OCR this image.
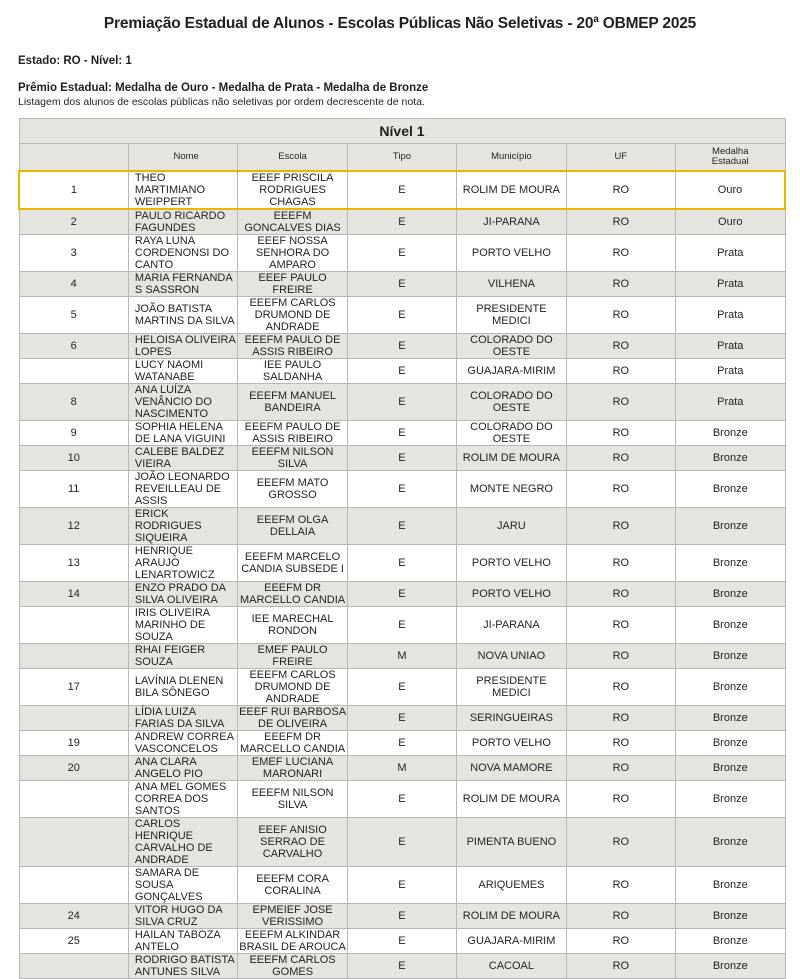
Premiação Estadual de Alunos - Escolas Públicas Não Seletivas - 20$^a$ OBMEP 2025
Estado: RO - Nível: 1
Prêmio Estadual: Medalha de Ouro - Medalha de Prata - Medalha de Bronze
Listagem dos alunos de escolas públicas não seletivas por ordem decrescente de nota.
Nível 1						
	Nome	Escola	Tipo	Município	UF	Medalha
Estadual

1	THEO MARTIMIANO WEIPPERT	EEEF PRISCILA RODRIGUES CHAGAS	E	ROLIM DE MOURA	RO	Ouro
2	PAULO RICARDO FAGUNDES	EEEFM GONCALVES DIAS	E	JI-PARANA	RO	Ouro
3	RAYA LUNA CORDENONSI DO CANTO	EEEF NOSSA SENHORA DO AMPARO	E	PORTO VELHO	RO	Prata
4	MARIA FERNANDA S SASSRON	EEEF PAULO FREIRE	E	VILHENA	RO	Prata
5	JOÃO BATISTA MARTINS DA SILVA	EEEFM CARLOS DRUMOND DE ANDRADE	E	PRESIDENTE MEDICI	RO	Prata
6	HELOISA OLIVEIRA LOPES	EEEFM PAULO DE ASSIS RIBEIRO	E	COLORADO DO OESTE	RO	Prata
	LUCY NAOMI WATANABE	IEE PAULO SALDANHA	E	GUAJARA-MIRIM	RO	Prata
8	ANA LUÍZA VENÂNCIO DO NASCIMENTO	EEEFM MANUEL BANDEIRA	E	COLORADO DO OESTE	RO	Prata
9	SOPHIA HELENA DE LANA VIGUINI	EEEFM PAULO DE ASSIS RIBEIRO	E	COLORADO DO OESTE	RO	Bronze
10	CALEBE BALDEZ VIEIRA	EEEFM NILSON SILVA	E	ROLIM DE MOURA	RO	Bronze
11	JOÃO LEONARDO REVEILLEAU DE ASSIS	EEEFM MATO GROSSO	E	MONTE NEGRO	RO	Bronze
12	ERICK RODRIGUES SIQUEIRA	EEEFM OLGA DELLAIA	E	JARU	RO	Bronze
13	HENRIQUE ARAUJO LENARTOWICZ	EEEFM MARCELO CANDIA SUBSEDE I	E	PORTO VELHO	RO	Bronze
14	ENZO PRADO DA SILVA OLIVEIRA	EEEFM DR MARCELLO CANDIA	E	PORTO VELHO	RO	Bronze
	IRIS OLIVEIRA MARINHO DE SOUZA	IEE MARECHAL RONDON	E	JI-PARANA	RO	Bronze
	RHAI FEIGER SOUZA	EMEF PAULO FREIRE	M	NOVA UNIAO	RO	Bronze
17	LAVÍNIA DLENEN BILA SÔNEGO	EEEFM CARLOS DRUMOND DE ANDRADE	E	PRESIDENTE MEDICI	RO	Bronze
	LÍDIA LUIZA FARIAS DA SILVA	EEEF RUI BARBOSA DE OLIVEIRA	E	SERINGUEIRAS	RO	Bronze
19	ANDREW CORREA VASCONCELOS	EEEFM DR MARCELLO CANDIA	E	PORTO VELHO	RO	Bronze
20	ANA CLARA ANGELO PIO	EMEF LUCIANA MARONARI	M	NOVA MAMORE	RO	Bronze
	ANA MEL GOMES CORREA DOS SANTOS	EEEFM NILSON SILVA	E	ROLIM DE MOURA	RO	Bronze
	CARLOS HENRIQUE CARVALHO DE ANDRADE	EEEF ANISIO SERRAO DE CARVALHO	E	PIMENTA BUENO	RO	Bronze
	SAMARA DE SOUSA GONÇALVES	EEEFM CORA CORALINA	E	ARIQUEMES	RO	Bronze
24	VITOR HUGO DA SILVA CRUZ	EPMEIEF JOSE VERISSIMO	E	ROLIM DE MOURA	RO	Bronze
25	HAILAN TABOZA ANTELO	EEEFM ALKINDAR BRASIL DE AROUCA	E	GUAJARA-MIRIM	RO	Bronze
	RODRIGO BATISTA ANTUNES SILVA	EEEFM CARLOS GOMES	E	CACOAL	RO	Bronze
